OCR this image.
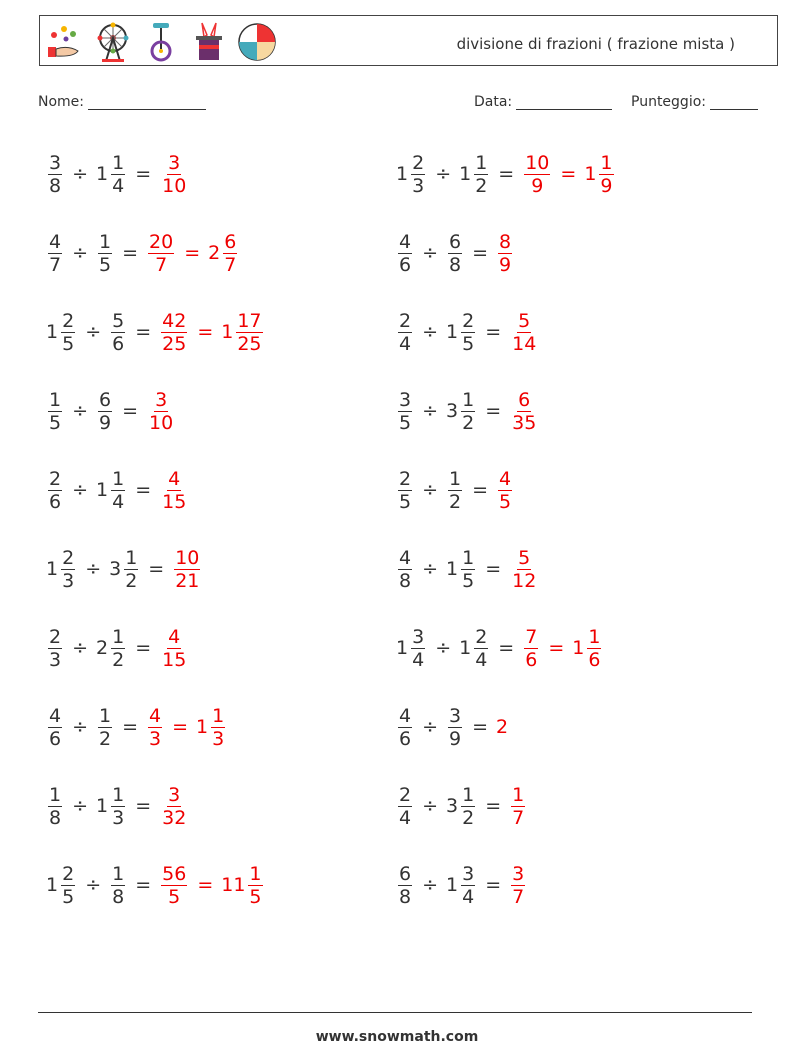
divisione di frazioni ( frazione mista )
Nome:	Data:	Punteggio:
$\frac{3}{8} \div 1 \frac{1}{4} = \frac{3}{10}$	$1 \frac{2}{3} \div 1 \frac{1}{2} = \frac{10}{9} = 1 \frac{1}{9}$
$\frac{4}{7} \div \frac{1}{5} = \frac{20}{7} = 2 \frac{6}{7}$	$\frac{4}{6} \div \frac{6}{8} = \frac{8}{9}$
$1 \frac{2}{5} \div \frac{5}{6} = \frac{42}{25} = 1 \frac{17}{25}$	$\frac{2}{4} \div 1 \frac{2}{5} = \frac{5}{14}$
$\frac{1}{5} \div \frac{6}{9} = \frac{3}{10}$	$\frac{3}{5} \div 3 \frac{1}{2} = \frac{6}{35}$
$\frac{2}{6} \div 1 \frac{1}{4} = \frac{4}{15}$	$\frac{2}{5} \div \frac{1}{2} = \frac{4}{5}$
$1 \frac{2}{3} \div 3 \frac{1}{2} = \frac{10}{21}$	$\frac{4}{8} \div 1 \frac{1}{5} = \frac{5}{12}$
$\frac{2}{3} \div 2 \frac{1}{2} = \frac{4}{15}$	$1 \frac{3}{4} \div 1 \frac{2}{4} = \frac{7}{6} = 1 \frac{1}{6}$
$\frac{4}{6} \div \frac{1}{2} = \frac{4}{3} = 1 \frac{1}{3}$	$\frac{4}{6} \div \frac{3}{9} = 2$
$\frac{1}{8} \div 1 \frac{1}{3} = \frac{3}{32}$	$\frac{2}{4} \div 3 \frac{1}{2} = \frac{1}{7}$
$1 \frac{2}{5} \div \frac{1}{8} = \frac{56}{5} = 11 \frac{1}{5}$	$\frac{6}{8} \div 1 \frac{3}{4} = \frac{3}{7}$
www.snowmath.com
